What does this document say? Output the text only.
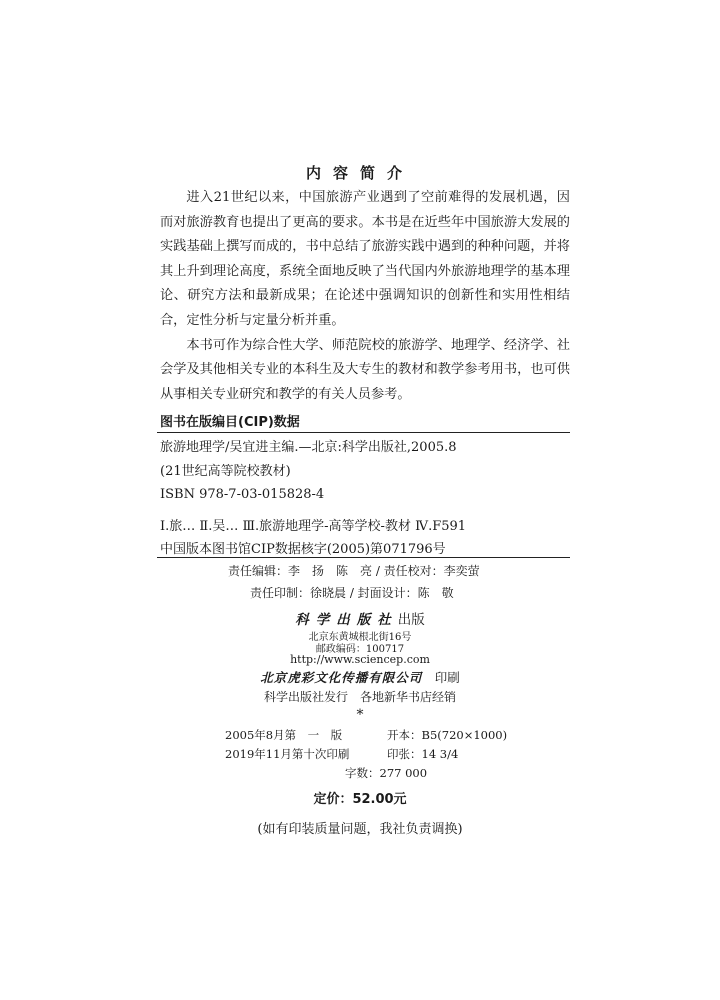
内容简介

进入21世纪以来，中国旅游产业遇到了空前难得的发展机遇，因而对旅游教育也提出了更高的要求。本书是在近些年中国旅游大发展的实践基础上撰写而成的，书中总结了旅游实践中遇到的种种问题，并将其上升到理论高度，系统全面地反映了当代国内外旅游地理学的基本理论、研究方法和最新成果；在论述中强调知识的创新性和实用性相结合，定性分析与定量分析并重。

本书可作为综合性大学、师范院校的旅游学、地理学、经济学、社会学及其他相关专业的本科生及大专生的教材和教学参考用书，也可供从事相关专业研究和教学的有关人员参考。

图书在版编目(CIP)数据
旅游地理学/吴宜进主编.—北京:科学出版社,2005.8
(21世纪高等院校教材)
ISBN 978-7-03-015828-4
Ⅰ.旅… Ⅱ.吴… Ⅲ.旅游地理学-高等学校-教材 Ⅳ.F591
中国版本图书馆CIP数据核字(2005)第071796号
责任编辑：李　扬　陈　亮 / 责任校对：李奕萤
责任印制：徐晓晨 / 封面设计：陈　敬
科学出版社出版
北京东黄城根北街16号
邮政编码：100717
http://www.sciencep.com
北京虎彩文化传播有限公司　 印刷
科学出版社发行　各地新华书店经销
*
2005年8月第　一　版	开本：B5(720×1000)
2019年11月第十次印刷	印张：14 3/4
字数：277 000
定价：52.00元
(如有印装质量问题，我社负责调换)
